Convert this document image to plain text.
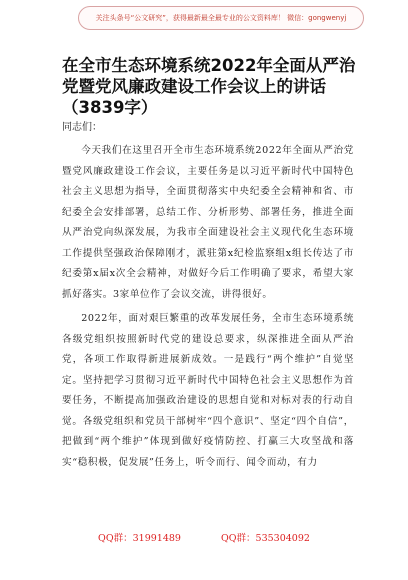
关注头条号“公文研究”，获得最新最全最专业的公文资料库！ 微信：gongwenyj
在全市生态环境系统2022年全面从严治党暨党风廉政建设工作会议上的讲话（3839字）
同志们：

今天我们在这里召开全市生态环境系统2022年全面从严治党暨党风廉政建设工作会议，主要任务是以习近平新时代中国特色社会主义思想为指导，全面贯彻落实中央纪委全会精神和省、市纪委全会安排部署，总结工作、分析形势、部署任务，推进全面从严治党向纵深发展，为我市全面建设社会主义现代化生态环境工作提供坚强政治保障刚才，派驻第x纪检监察组x组长传达了市纪委第x届x次全会精神，对做好今后工作明确了要求，希望大家抓好落实。3家单位作了会议交流，讲得很好。

2022年，面对艰巨繁重的改革发展任务，全市生态环境系统各级党组织按照新时代党的建设总要求，纵深推进全面从严治党，各项工作取得新进展新成效。一是践行“两个维护”自觉坚定。坚持把学习贯彻习近平新时代中国特色社会主义思想作为首要任务，不断提高加强政治建设的思想自觉和对标对表的行动自觉。各级党组织和党员干部树牢“四个意识”、坚定“四个自信”，把做到“两个维护”体现到做好疫情防控、打赢三大攻坚战和落实“稳积极，促发展”任务上，听令而行、闻令而动，有力

QQ群：31991489	QQ群：535304092
